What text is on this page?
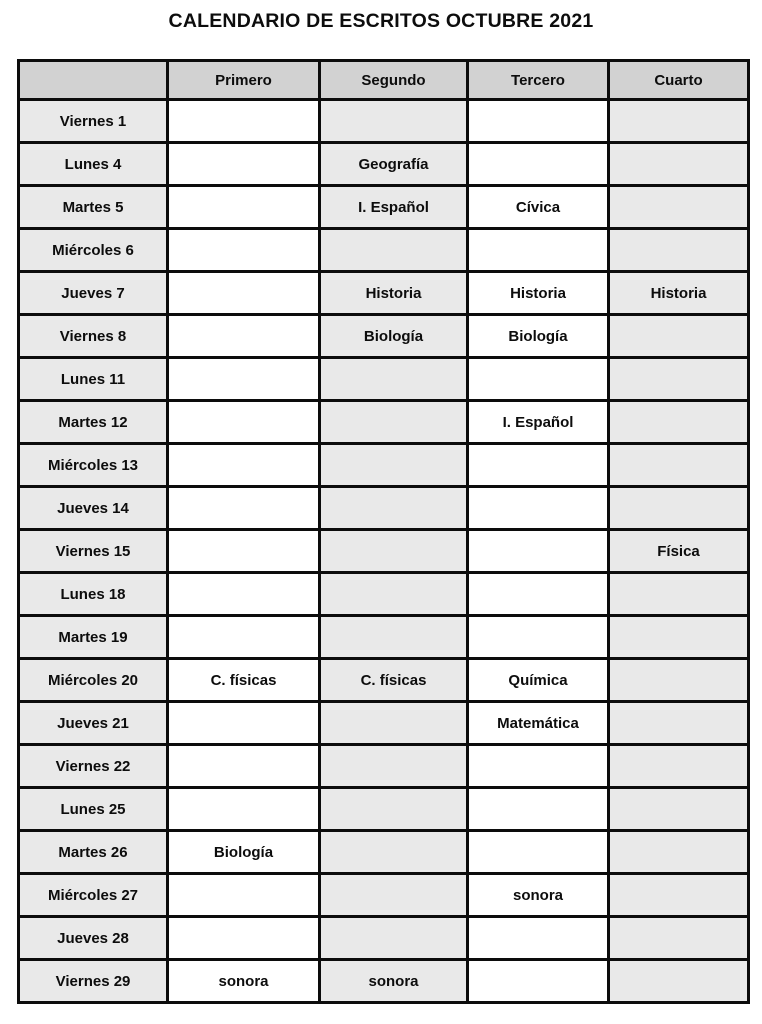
CALENDARIO DE ESCRITOS OCTUBRE 2021
	Primero	Segundo	Tercero	Cuarto
Viernes 1				
Lunes 4		Geografía		
Martes 5		I. Español	Cívica	
Miércoles 6				
Jueves 7		Historia	Historia	Historia
Viernes 8		Biología	Biología	
Lunes 11				
Martes 12			I. Español	
Miércoles 13				
Jueves 14				
Viernes 15				Física
Lunes 18				
Martes 19				
Miércoles 20	C. físicas	C. físicas	Química	
Jueves 21			Matemática	
Viernes 22				
Lunes 25				
Martes 26	Biología			
Miércoles 27			sonora	
Jueves 28				
Viernes 29	sonora	sonora		
